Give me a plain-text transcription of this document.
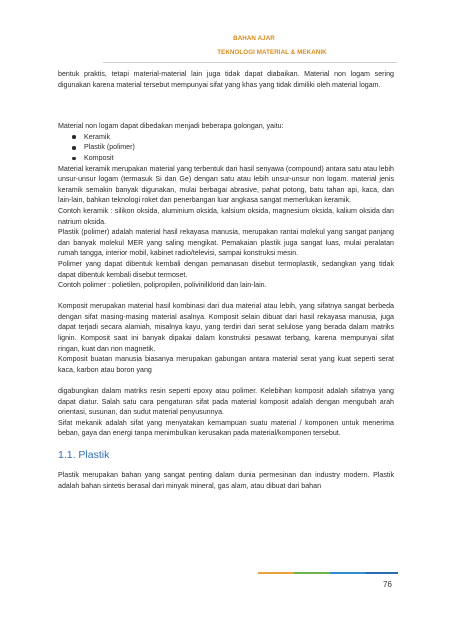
BAHAN AJAR
TEKNOLOGI MATERIAL & MEKANIK

bentuk praktis, tetapi material-material lain juga tidak dapat diabaikan. Material non logam sering digunakan karena material tersebut mempunyai sifat yang khas yang tidak dimiliki oleh material logam.

Material non logam dapat dibedakan menjadi beberapa golongan, yaitu:

Keramik
Plastik (polimer)
Komposit

Material keramik merupakan material yang terbentuk dari hasil senyawa (compound) antara satu atau lebih unsur-unsur logam (termasuk Si dan Ge) dengan satu atau lebih unsur-unsur non logam. material jenis keramik semakin banyak digunakan, mulai berbagai abrasive, pahat potong, batu tahan api, kaca, dan lain-lain, bahkan teknologi roket dan penerbangan luar angkasa sangat memerlukan keramik.

Contoh keramik : silikon oksida, aluminium oksida, kalsium oksida, magnesium oksida, kalium oksida dan natrium oksida.

Plastik (polimer) adalah material hasil rekayasa manusia, merupakan rantai molekul yang sangat panjang dan banyak molekul MER yang saling mengikat. Pemakaian plastik juga sangat luas, mulai peralatan rumah tangga, interior mobil, kabinet radio/televisi, sampai konstruksi mesin.

Polimer yang dapat dibentuk kembali dengan pemanasan disebut termoplastik, sedangkan yang tidak dapat dibentuk kembali disebut termoset.

Contoh polimer : polietilen, polipropilen, polivinilklorid dan lain-lain.

Komposit merupakan material hasil kombinasi dari dua material atau lebih, yang sifatnya sangat berbeda dengan sifat masing-masing material asalnya. Komposit selain dibuat dari hasil rekayasa manusia, juga dapat terjadi secara alamiah, misalnya kayu, yang terdiri dari serat selulose yang berada dalam matriks lignin. Komposit saat ini banyak dipakai dalam konstruksi pesawat terbang, karena mempunyai sifat ringan, kuat dan non magnetik.

Komposit buatan manusia biasanya merupakan gabungan antara material serat yang kuat seperti serat kaca, karbon atau boron yang

digabungkan dalam matriks resin seperti epoxy atau polimer. Kelebihan komposit adalah sifatnya yang dapat diatur. Salah satu cara pengaturan sifat pada material komposit adalah dengan mengubah arah orientasi, susunan, dan sudut material penyusunnya.

Sifat mekanik adalah sifat yang menyatakan kemampuan suatu material / komponen untuk menerima beban, gaya dan energi tanpa menimbulkan kerusakan pada material/komponen tersebut.

1.1. Plastik

Plastik merupakan bahan yang sangat penting dalam dunia permesinan dan industry modern. Plastik adalah bahan sintetis berasal dari minyak mineral, gas alam, atau dibuat dari bahan

76
